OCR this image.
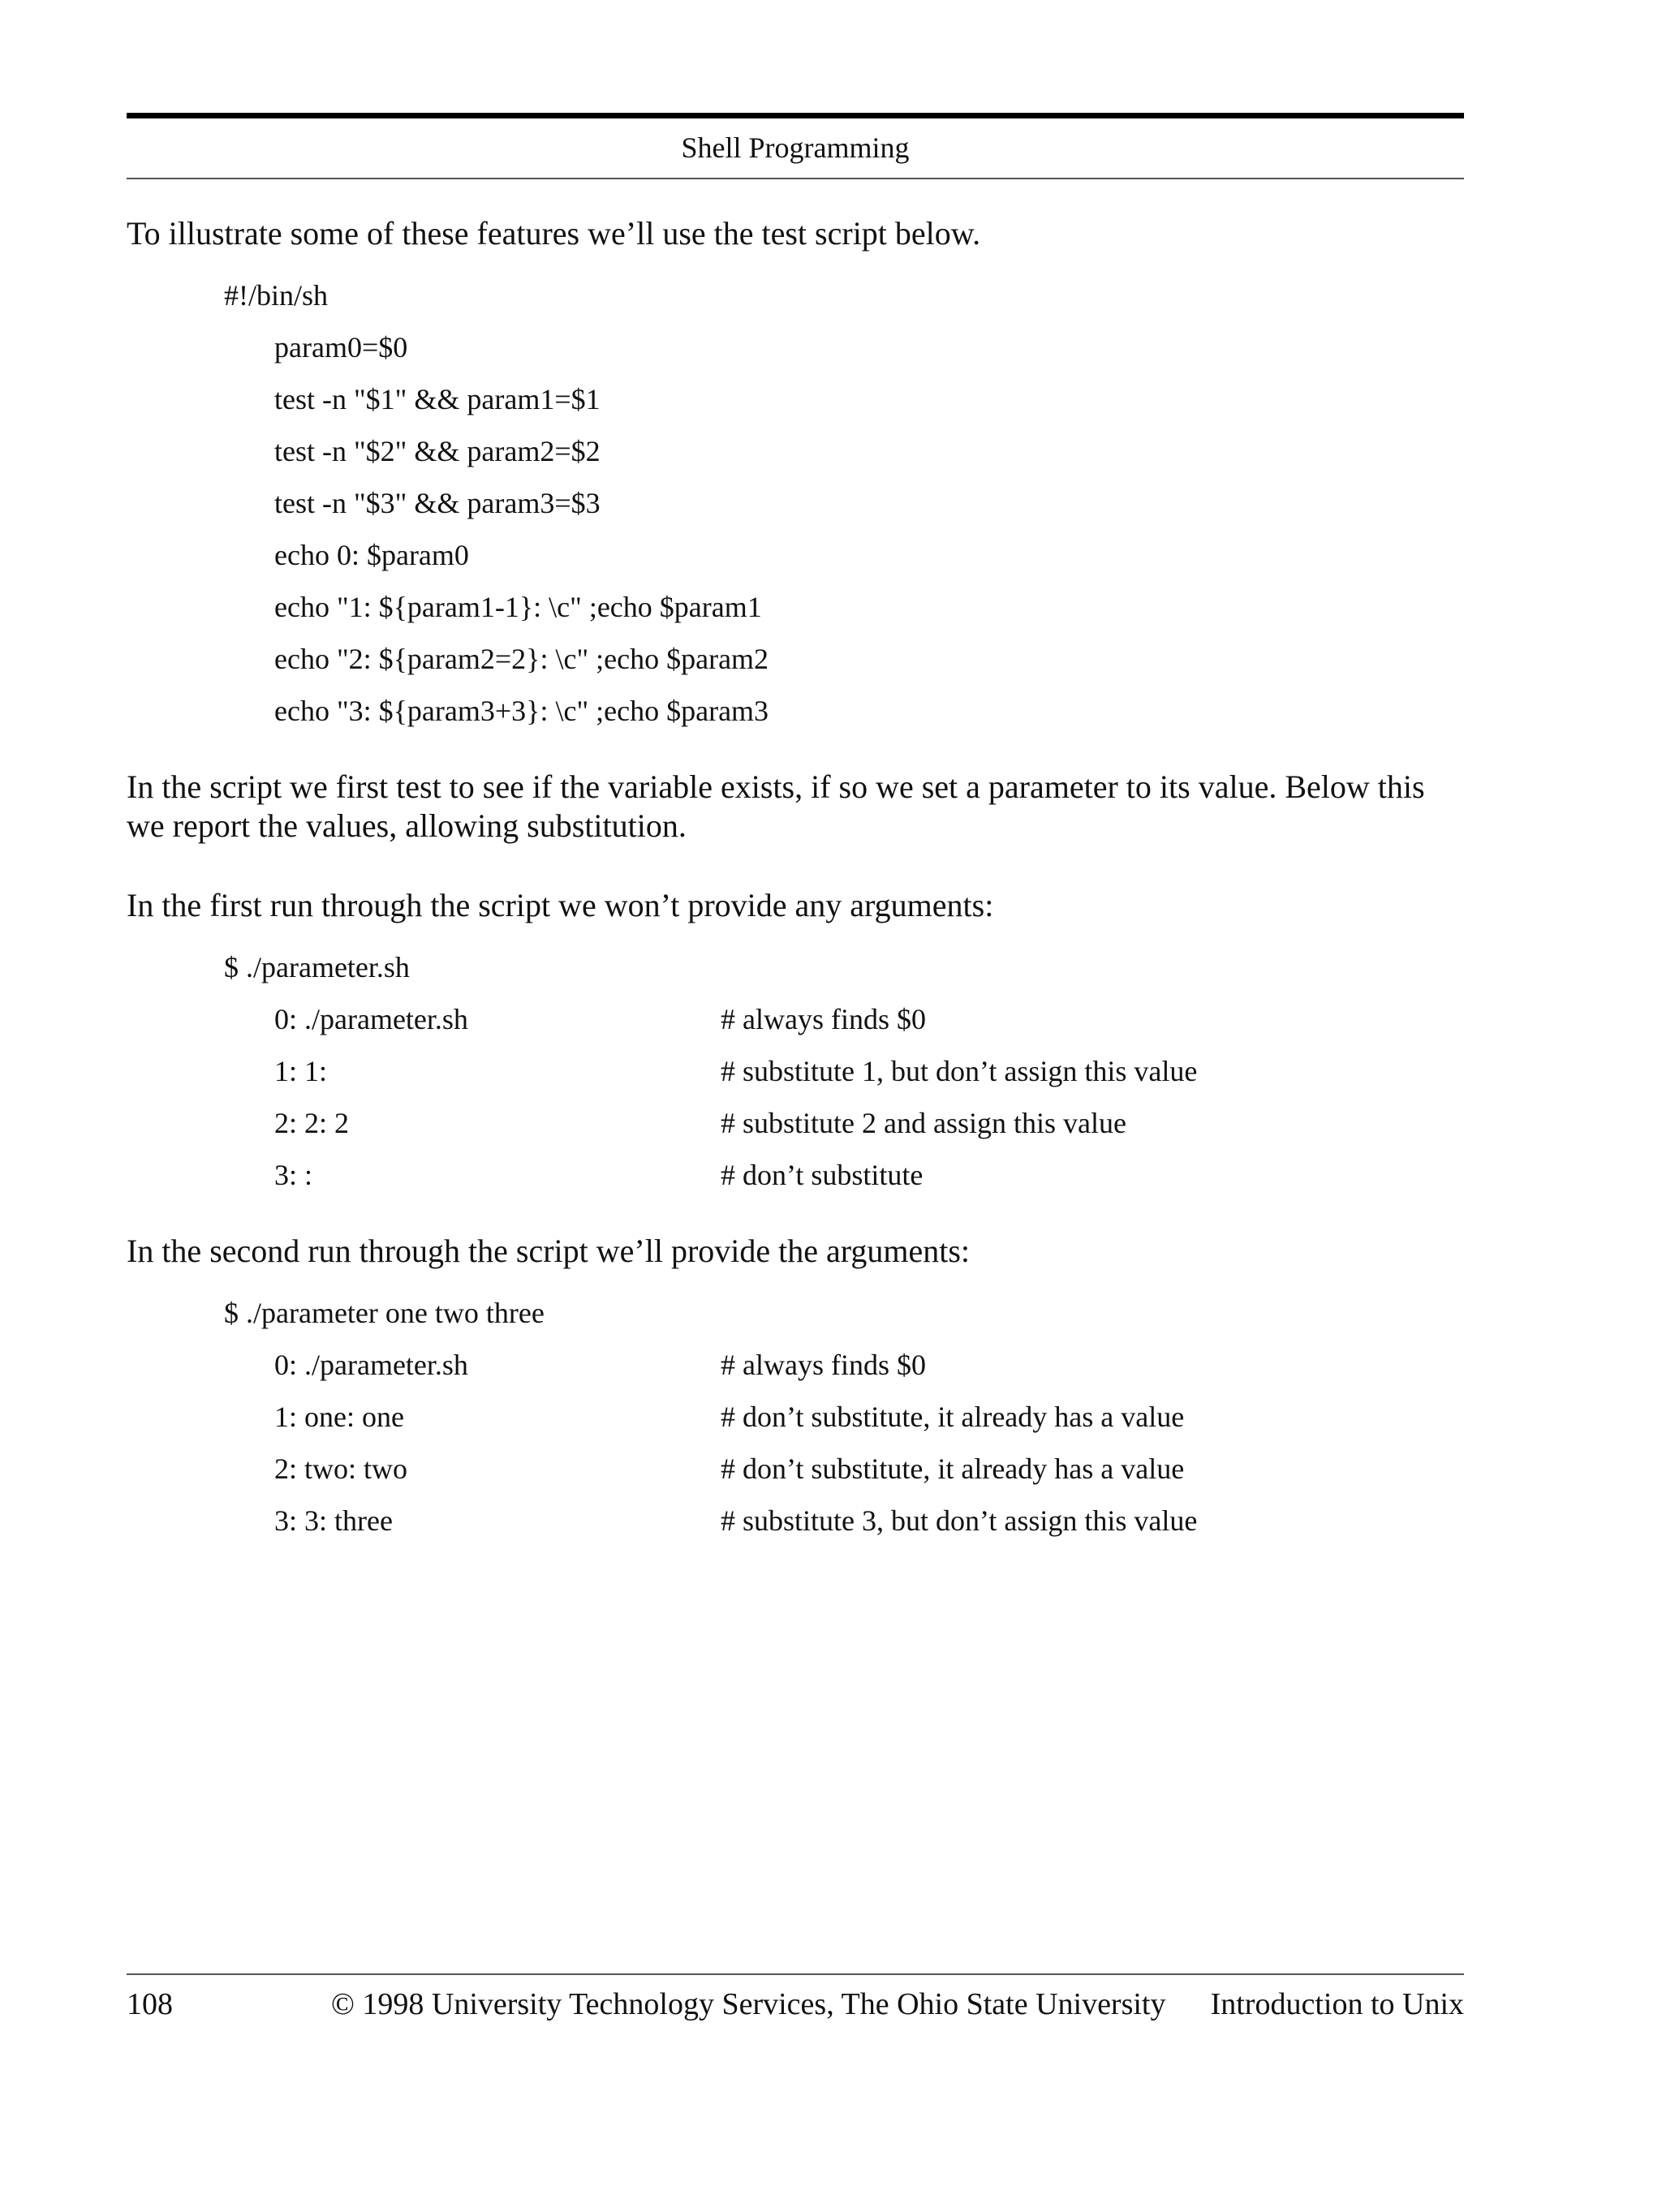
Shell Programming
To illustrate some of these features we’ll use the test script below.
#!/bin/sh
param0=$0
test -n "$1" && param1=$1
test -n "$2" && param2=$2
test -n "$3" && param3=$3
echo 0: $param0
echo "1: ${param1-1}: \c" ;echo $param1
echo "2: ${param2=2}: \c" ;echo $param2
echo "3: ${param3+3}: \c" ;echo $param3
In the script we first test to see if the variable exists, if so we set a parameter to its value. Below this we report the values, allowing substitution.
In the first run through the script we won’t provide any arguments:
$ ./parameter.sh
0: ./parameter.sh	# always finds $0
1: 1:	# substitute 1, but don’t assign this value
2: 2: 2	# substitute 2 and assign this value
3: :	# don’t substitute
In the second run through the script we’ll provide the arguments:
$ ./parameter one two three
0: ./parameter.sh	# always finds $0
1: one: one	# don’t substitute, it already has a value
2: two: two	# don’t substitute, it already has a value
3: 3: three	# substitute 3, but don’t assign this value
108	© 1998 University Technology Services, The Ohio State University Introduction to Unix
